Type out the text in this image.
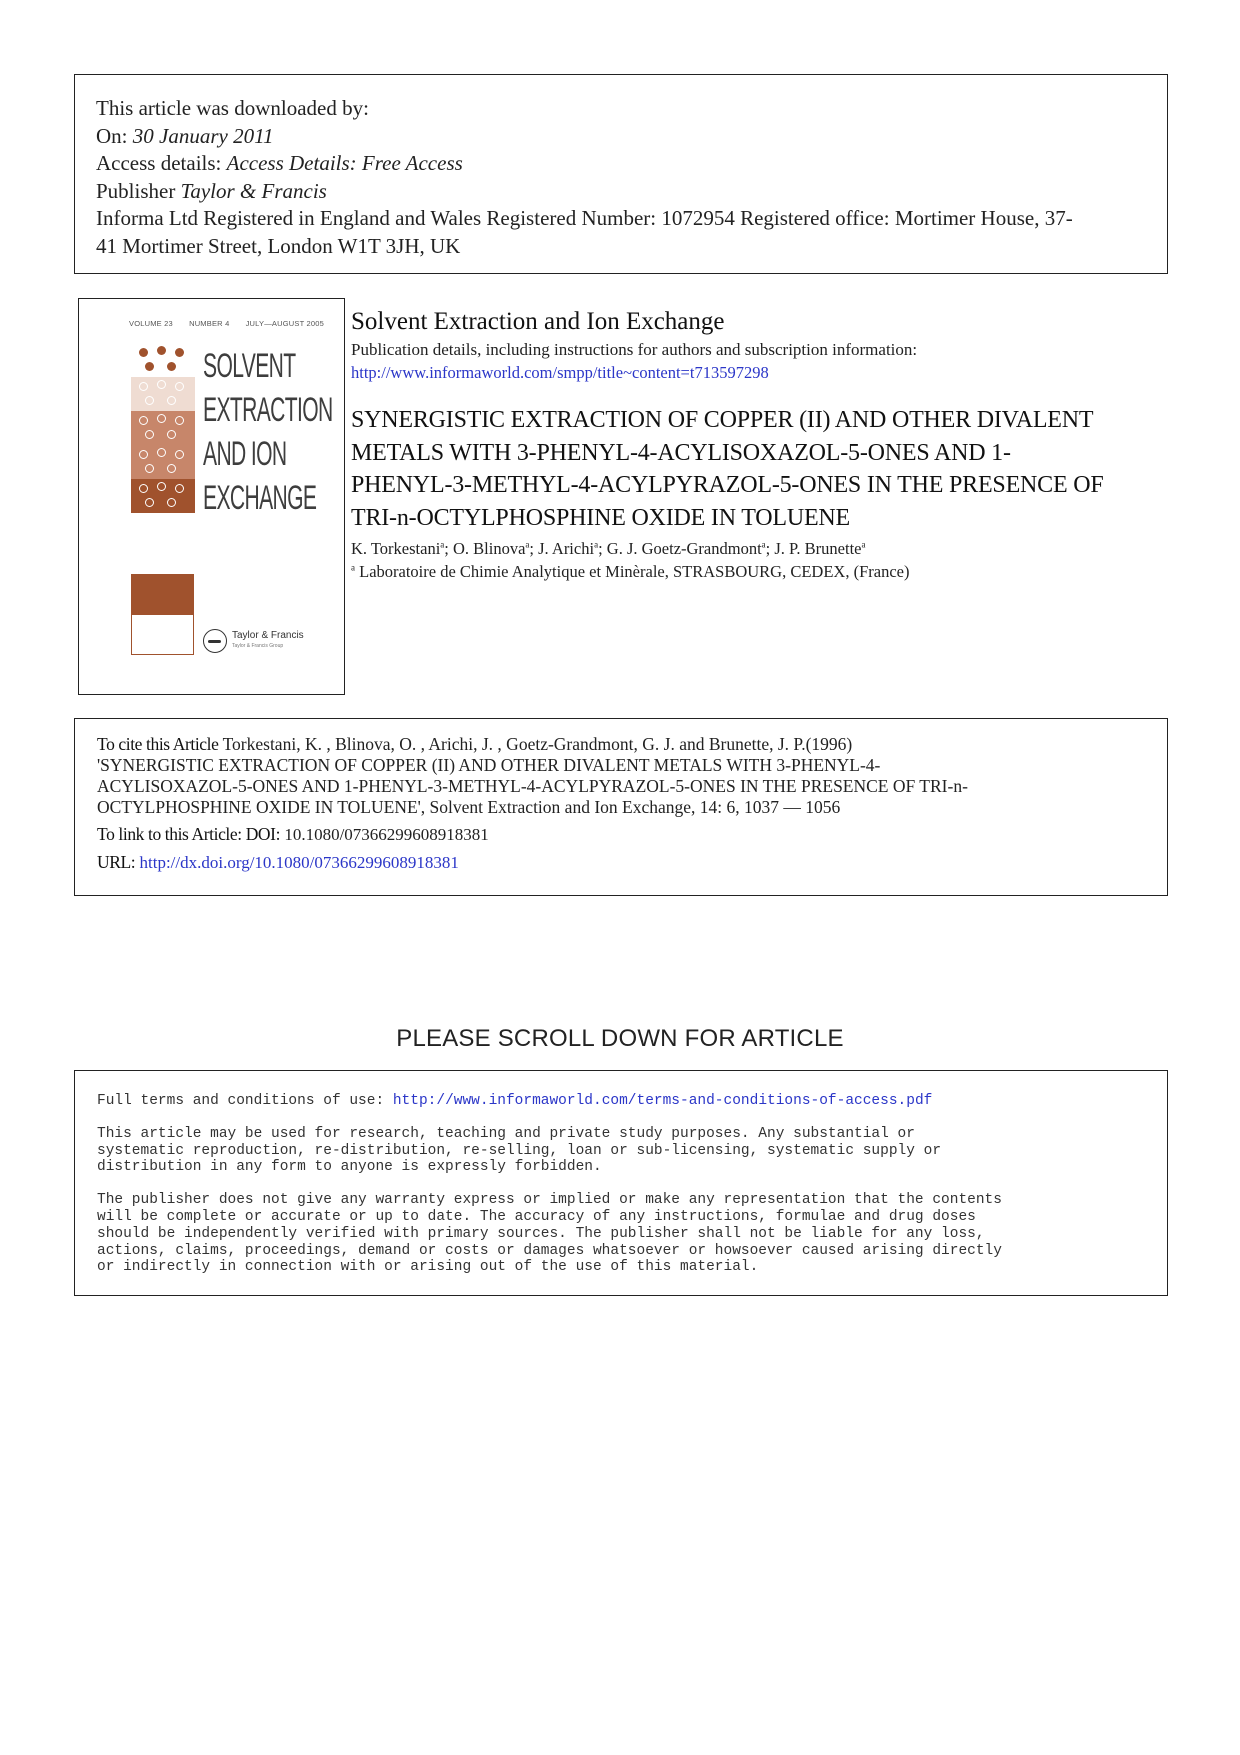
This article was downloaded by:
On: 30 January 2011
Access details: Access Details: Free Access
Publisher Taylor & Francis
Informa Ltd Registered in England and Wales Registered Number: 1072954 Registered office: Mortimer House, 37-
41 Mortimer Street, London W1T 3JH, UK
VOLUME 23 NUMBER 4 JULY—AUGUST 2005
SOLVENT
EXTRACTION
AND ION
EXCHANGE
Taylor & Francis
Taylor & Francis Group
Solvent Extraction and Ion Exchange
Publication details, including instructions for authors and subscription information:
http://www.informaworld.com/smpp/title~content=t713597298
SYNERGISTIC EXTRACTION OF COPPER (II) AND OTHER DIVALENT
METALS WITH 3-PHENYL-4-ACYLISOXAZOL-5-ONES AND 1-
PHENYL-3-METHYL-4-ACYLPYRAZOL-5-ONES IN THE PRESENCE OF
TRI-n-OCTYLPHOSPHINE OXIDE IN TOLUENE
K. Torkestani$^a$; O. Blinova$^a$; J. Arichi$^a$; G. J. Goetz-Grandmont$^a$; J. P. Brunette$^a$
$^a$ Laboratoire de Chimie Analytique et Minèrale, STRASBOURG, CEDEX, (France)
To cite this Article Torkestani, K. , Blinova, O. , Arichi, J. , Goetz-Grandmont, G. J. and Brunette, J. P.(1996)
'SYNERGISTIC EXTRACTION OF COPPER (II) AND OTHER DIVALENT METALS WITH 3-PHENYL-4-
ACYLISOXAZOL-5-ONES AND 1-PHENYL-3-METHYL-4-ACYLPYRAZOL-5-ONES IN THE PRESENCE OF TRI-n-
OCTYLPHOSPHINE OXIDE IN TOLUENE', Solvent Extraction and Ion Exchange, 14: 6, 1037 — 1056
To link to this Article: DOI: 10.1080/07366299608918381
URL: http://dx.doi.org/10.1080/07366299608918381
PLEASE SCROLL DOWN FOR ARTICLE
Full terms and conditions of use: http://www.informaworld.com/terms-and-conditions-of-access.pdf
This article may be used for research, teaching and private study purposes. Any substantial or
systematic reproduction, re-distribution, re-selling, loan or sub-licensing, systematic supply or
distribution in any form to anyone is expressly forbidden.
The publisher does not give any warranty express or implied or make any representation that the contents
will be complete or accurate or up to date. The accuracy of any instructions, formulae and drug doses
should be independently verified with primary sources. The publisher shall not be liable for any loss,
actions, claims, proceedings, demand or costs or damages whatsoever or howsoever caused arising directly
or indirectly in connection with or arising out of the use of this material.
